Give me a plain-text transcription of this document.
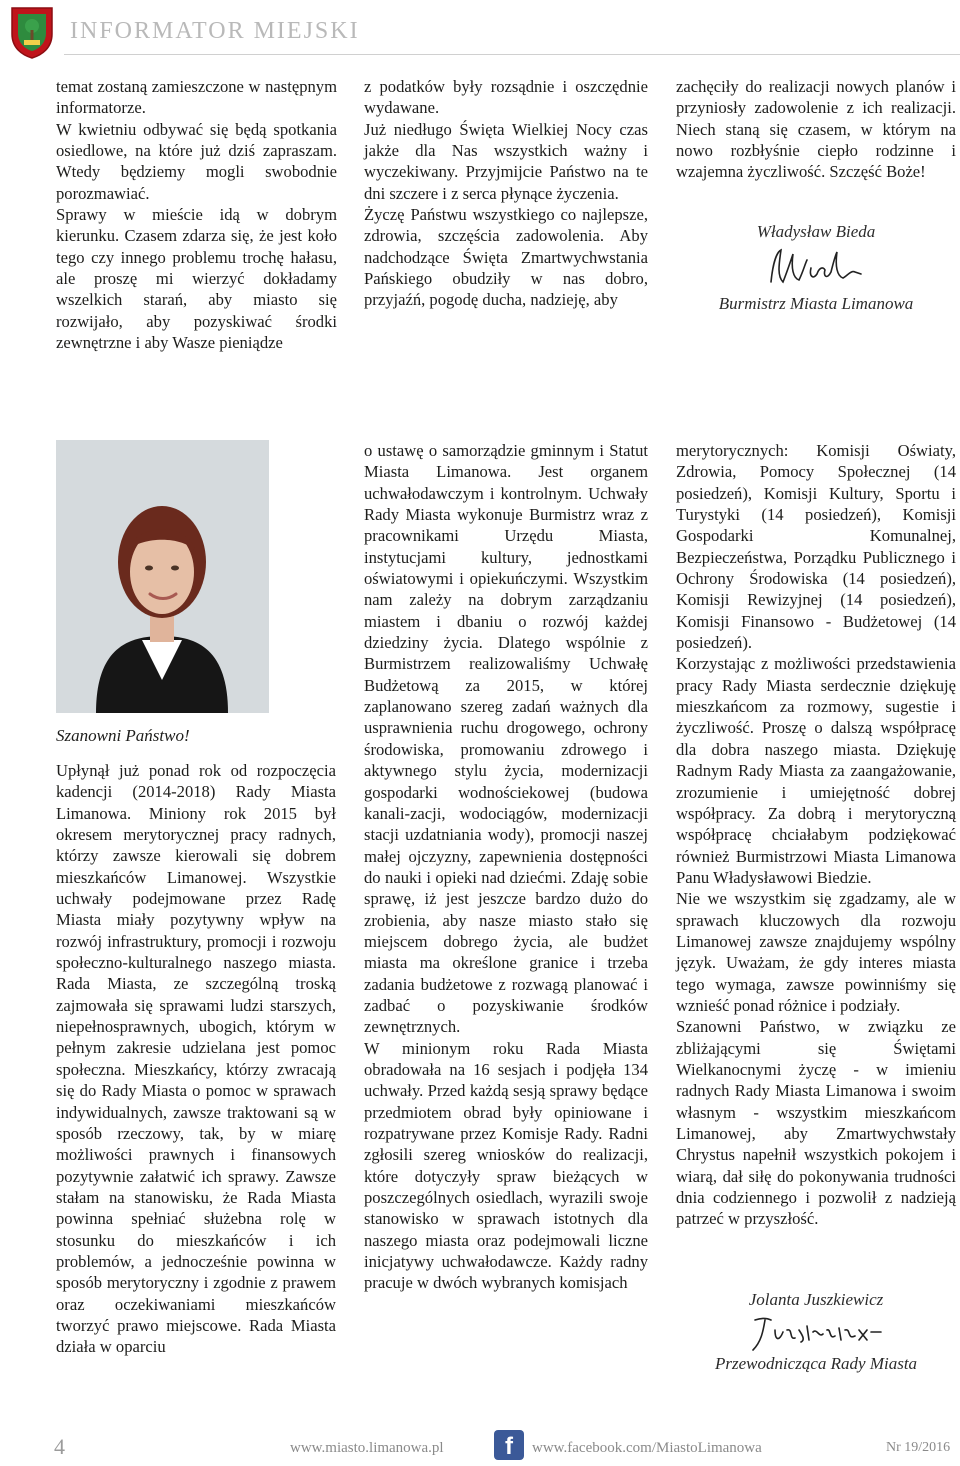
INFORMATOR MIEJSKI

temat zostaną zamieszczone w następnym informatorze.

W kwietniu odbywać się będą spotkania osiedlowe, na które już dziś zapraszam. Wtedy będziemy mogli swobodnie porozmawiać.

Sprawy w mieście idą w dobrym kierunku. Czasem zdarza się, że jest koło tego czy innego problemu trochę hałasu, ale proszę mi wierzyć dokładamy wszelkich starań, aby miasto się rozwijało, aby pozyskiwać środki zewnętrzne i aby Wasze pieniądze

z podatków były rozsądnie i oszczędnie wydawane.

Już niedługo Święta Wielkiej Nocy czas jakże dla Nas wszystkich ważny i wyczekiwany. Przyjmijcie Państwo na te dni szczere i z serca płynące życzenia.

Życzę Państwu wszystkiego co najlepsze, zdrowia, szczęścia zadowolenia. Aby nadchodzące Święta Zmartwychwstania Pańskiego obudziły w nas dobro, przyjaźń, pogodę ducha, nadzieję, aby

zachęciły do realizacji nowych planów i przyniosły zadowolenie z ich realizacji. Niech staną się czasem, w którym na nowo rozbłyśnie ciepło rodzinne i wzajemna życzliwość. Szczęść Boże!

Władysław Bieda
Burmistrz Miasta Limanowa
Szanowni Państwo!

Upłynął już ponad rok od rozpoczęcia kadencji (2014-2018) Rady Miasta Limanowa. Miniony rok 2015 był okresem merytorycznej pracy radnych, którzy zawsze kierowali się dobrem mieszkańców Limanowej. Wszystkie uchwały podejmowane przez Radę Miasta miały pozytywny wpływ na rozwój infrastruktury, promocji i rozwoju społeczno-kulturalnego naszego miasta. Rada Miasta, ze szczególną troską zajmowała się sprawami ludzi starszych, niepełnosprawnych, ubogich, którym w pełnym zakresie udzielana jest pomoc społeczna. Mieszkańcy, którzy zwracają się do Rady Miasta o pomoc w sprawach indywidualnych, zawsze traktowani są w sposób rzeczowy, tak, by w miarę możliwości prawnych i finansowych pozytywnie załatwić ich sprawy. Zawsze stałam na stanowisku, że Rada Miasta powinna spełniać służebna rolę w stosunku do mieszkańców i ich problemów, a jednocześnie powinna w sposób merytoryczny i zgodnie z prawem oraz oczekiwaniami mieszkańców tworzyć prawo miejscowe. Rada Miasta działa w oparciu

o ustawę o samorządzie gminnym i Statut Miasta Limanowa. Jest organem uchwałodawczym i kontrolnym. Uchwały Rady Miasta wykonuje Burmistrz wraz z pracownikami Urzędu Miasta, instytucjami kultury, jednostkami oświatowymi i opiekuńczymi. Wszystkim nam zależy na dobrym zarządzaniu miastem i dbaniu o rozwój każdej dziedziny życia. Dlatego wspólnie z Burmistrzem realizowaliśmy Uchwałę Budżetową za 2015, w której zaplanowano szereg zadań ważnych dla usprawnienia ruchu drogowego, ochrony środowiska, promowaniu zdrowego i aktywnego stylu życia, modernizacji gospodarki wodnościekowej (budowa kanali-zacji, wodociągów, modernizacji stacji uzdatniania wody), promocji naszej małej ojczyzny, zapewnienia dostępności do nauki i opieki nad dziećmi. Zdaję sobie sprawę, iż jest jeszcze bardzo dużo do zrobienia, aby nasze miasto stało się miejscem dobrego życia, ale budżet miasta ma określone granice i trzeba zadania budżetowe z rozwagą planować i zadbać o pozyskiwanie środków zewnętrznych.

W minionym roku Rada Miasta obradowała na 16 sesjach i podjęła 134 uchwały. Przed każdą sesją sprawy będące przedmiotem obrad były opiniowane i rozpatrywane przez Komisje Rady. Radni zgłosili szereg wniosków do realizacji, które dotyczyły spraw bieżących w poszczególnych osiedlach, wyrazili swoje stanowisko w sprawach istotnych dla naszego miasta oraz podejmowali liczne inicjatywy uchwałodawcze. Każdy radny pracuje w dwóch wybranych komisjach

merytorycznych: Komisji Oświaty, Zdrowia, Pomocy Społecznej (14 posiedzeń), Komisji Kultury, Sportu i Turystyki (14 posiedzeń), Komisji Gospodarki Komunalnej, Bezpieczeństwa, Porządku Publicznego i Ochrony Środowiska (14 posiedzeń), Komisji Rewizyjnej (14 posiedzeń), Komisji Finansowo - Budżetowej (14 posiedzeń).

Korzystając z możliwości przedstawienia pracy Rady Miasta serdecznie dziękuję mieszkańcom za rozmowy, sugestie i życzliwość. Proszę o dalszą współpracę dla dobra naszego miasta. Dziękuję Radnym Rady Miasta za zaangażowanie, zrozumienie i umiejętność dobrej współpracy. Za dobrą i merytoryczną współpracę chciałabym podziękować również Burmistrzowi Miasta Limanowa Panu Władysławowi Biedzie.

Nie we wszystkim się zgadzamy, ale w sprawach kluczowych dla rozwoju Limanowej zawsze znajdujemy wspólny język. Uważam, że gdy interes miasta tego wymaga, zawsze powinniśmy się wznieść ponad różnice i podziały.

Szanowni Państwo, w związku ze zbliżającymi się Świętami Wielkanocnymi życzę - w imieniu radnych Rady Miasta Limanowa i swoim własnym - wszystkim mieszkańcom Limanowej, aby Zmartwychwstały Chrystus napełnił wszystkich pokojem i wiarą, dał siłę do pokonywania trudności dnia codziennego i pozwolił z nadzieją patrzeć w przyszłość.

Jolanta Juszkiewicz
Przewodnicząca Rady Miasta
4	www.miasto.limanowa.pl	f	www.facebook.com/MiastoLimanowa	Nr 19/2016
